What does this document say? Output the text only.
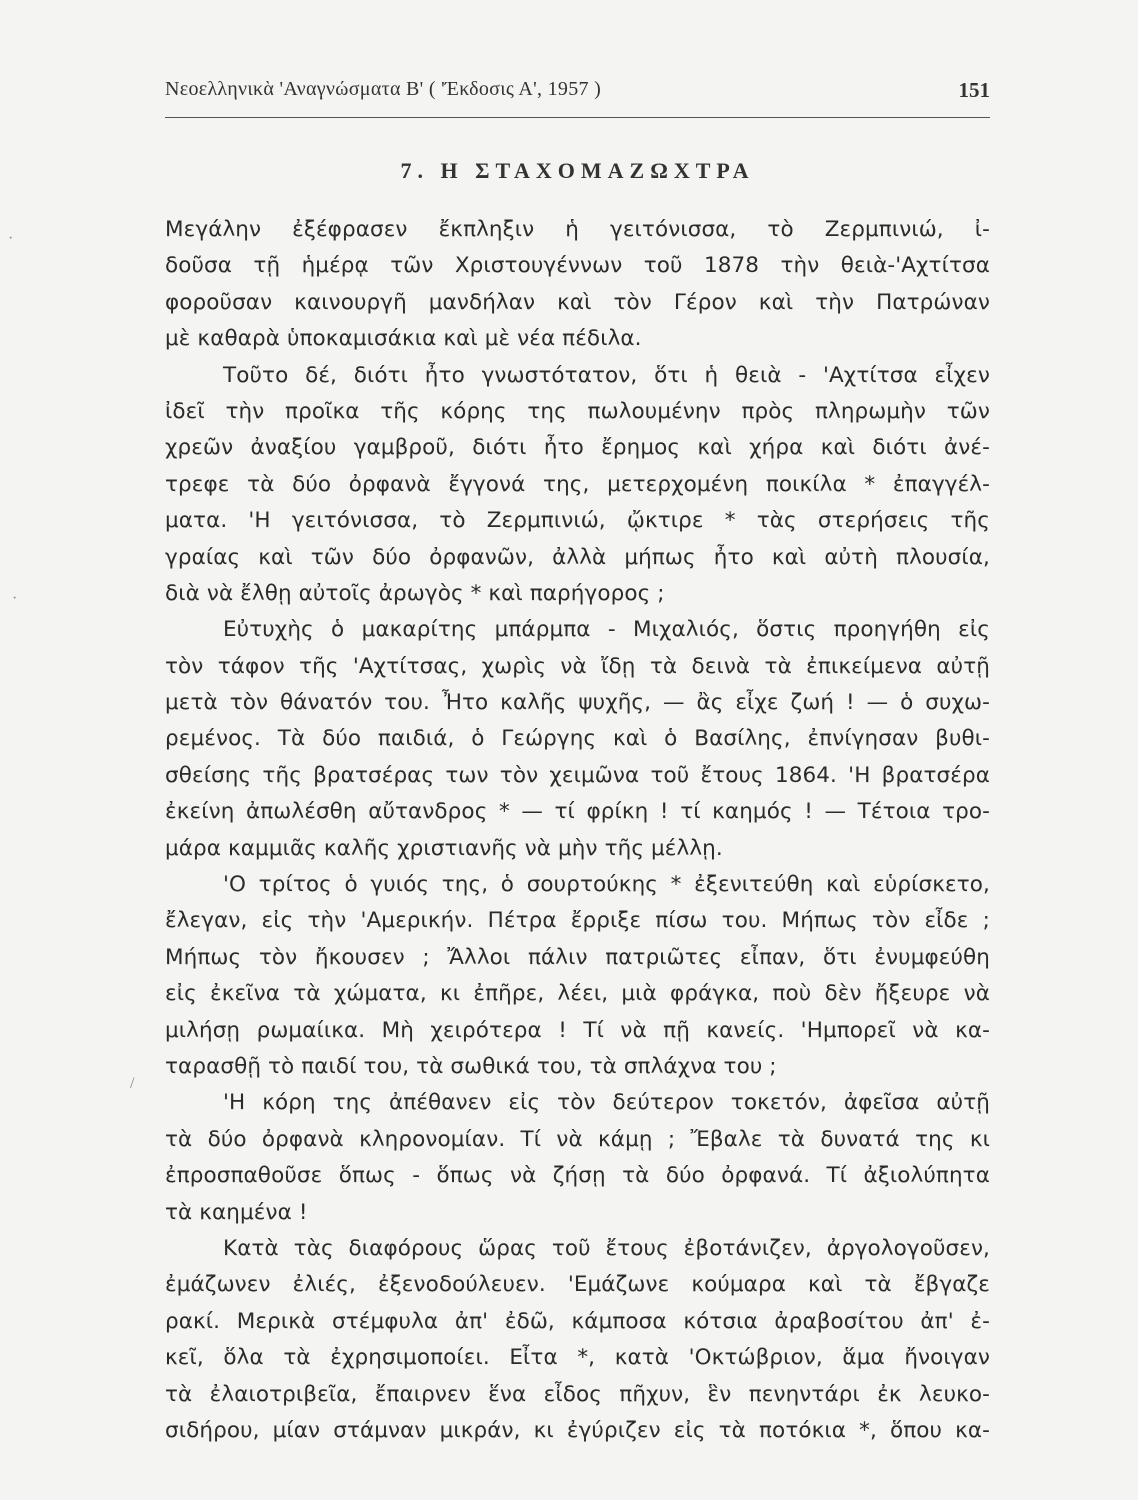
Νεοελληνικὰ 'Αναγνώσματα Β' ( 'Έκδοσις Α', 1957 )	151
7. Η ΣΤΑΧΟΜΑΖΩΧΤΡΑ
Μεγάλην ἐξέφρασεν ἔκπληξιν ἡ γειτόνισσα, τὸ Ζερμπινιώ, ἰ-
δοῦσα τῇ ἡμέρᾳ τῶν Χριστουγέννων τοῦ 1878 τὴν θειὰ-'Αχτίτσα
φοροῦσαν καινουργῆ μανδήλαν καὶ τὸν Γέρον καὶ τὴν Πατρώναν
μὲ καθαρὰ ὑποκαμισάκια καὶ μὲ νέα πέδιλα.
Τοῦτο δέ, διότι ἦτο γνωστότατον, ὅτι ἡ θειὰ - 'Αχτίτσα εἶχεν
ἰδεῖ τὴν προῖκα τῆς κόρης της πωλουμένην πρὸς πληρωμὴν τῶν
χρεῶν ἀναξίου γαμβροῦ, διότι ἦτο ἔρημος καὶ χήρα καὶ διότι ἀνέ-
τρεφε τὰ δύο ὀρφανὰ ἔγγονά της, μετερχομένη ποικίλα * ἐπαγγέλ-
ματα. 'Η γειτόνισσα, τὸ Ζερμπινιώ, ᾤκτιρε * τὰς στερήσεις τῆς
γραίας καὶ τῶν δύο ὀρφανῶν, ἀλλὰ μήπως ἦτο καὶ αὐτὴ πλουσία,
διὰ νὰ ἔλθῃ αὐτοῖς ἀρωγὸς * καὶ παρήγορος ;
Εὐτυχὴς ὁ μακαρίτης μπάρμπα - Μιχαλιός, ὅστις προηγήθη εἰς
τὸν τάφον τῆς 'Αχτίτσας, χωρὶς νὰ ἴδῃ τὰ δεινὰ τὰ ἐπικείμενα αὐτῇ
μετὰ τὸν θάνατόν του. Ἦτο καλῆς ψυχῆς, — ἂς εἶχε ζωή ! — ὁ συχω-
ρεμένος. Τὰ δύο παιδιά, ὁ Γεώργης καὶ ὁ Βασίλης, ἐπνίγησαν βυθι-
σθείσης τῆς βρατσέρας των τὸν χειμῶνα τοῦ ἔτους 1864. 'Η βρατσέρα
ἐκείνη ἀπωλέσθη αὔτανδρος * — τί φρίκη ! τί καημός ! — Τέτοια τρο-
μάρα καμμιᾶς καλῆς χριστιανῆς νὰ μὴν τῆς μέλλῃ.
'Ο τρίτος ὁ γυιός της, ὁ σουρτούκης * ἐξενιτεύθη καὶ εὑρίσκετο,
ἔλεγαν, εἰς τὴν 'Αμερικήν. Πέτρα ἔρριξε πίσω του. Μήπως τὸν εἶδε ;
Μήπως τὸν ἤκουσεν ; Ἄλλοι πάλιν πατριῶτες εἶπαν, ὅτι ἐνυμφεύθη
εἰς ἐκεῖνα τὰ χώματα, κι ἐπῆρε, λέει, μιὰ φράγκα, ποὺ δὲν ἤξευρε νὰ
μιλήσῃ ρωμαίικα. Μὴ χειρότερα ! Τί νὰ πῇ κανείς. 'Ημπορεῖ νὰ κα-
ταρασθῇ τὸ παιδί του, τὰ σωθικά του, τὰ σπλάχνα του ;
'Η κόρη της ἀπέθανεν εἰς τὸν δεύτερον τοκετόν, ἀφεῖσα αὐτῇ
τὰ δύο ὀρφανὰ κληρονομίαν. Τί νὰ κάμῃ ; Ἔβαλε τὰ δυνατά της κι
ἐπροσπαθοῦσε ὅπως - ὅπως νὰ ζήσῃ τὰ δύο ὀρφανά. Τί ἀξιολύπητα
τὰ καημένα !
Κατὰ τὰς διαφόρους ὥρας τοῦ ἔτους ἐβοτάνιζεν, ἀργολογοῦσεν,
ἐμάζωνεν ἐλιές, ἐξενοδούλευεν. 'Εμάζωνε κούμαρα καὶ τὰ ἔβγαζε
ρακί. Μερικὰ στέμφυλα ἀπ' ἐδῶ, κάμποσα κότσια ἀραβοσίτου ἀπ' ἐ-
κεῖ, ὅλα τὰ ἐχρησιμοποίει. Εἶτα *, κατὰ 'Οκτώβριον, ἅμα ἤνοιγαν
τὰ ἐλαιοτριβεῖα, ἔπαιρνεν ἕνα εἶδος πῆχυν, ἓν πενηντάρι ἐκ λευκο-
σιδήρου, μίαν στάμναν μικράν, κι ἐγύριζεν εἰς τὰ ποτόκια *, ὅπου κα-
·
·
/
